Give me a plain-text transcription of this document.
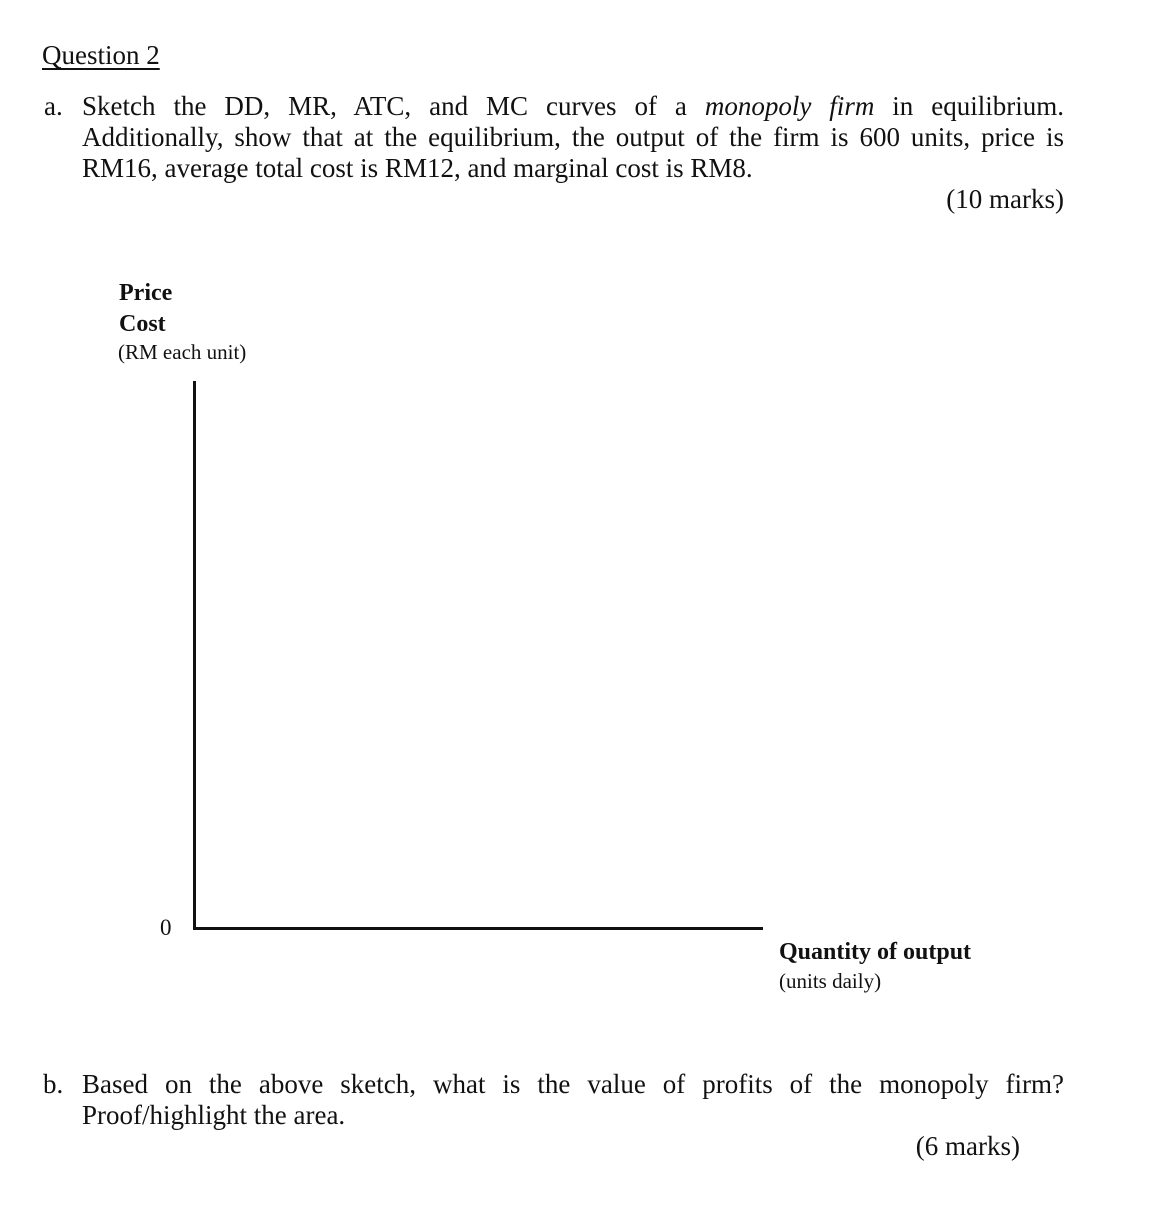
Question 2
a. Sketch the DD, MR, ATC, and MC curves of a monopoly firm in equilibrium. Additionally, show that at the equilibrium, the output of the firm is 600 units, price is RM16, average total cost is RM12, and marginal cost is RM8.
(10 marks)
Price
Cost
(RM each unit)
0
Quantity of output
(units daily)
b. Based on the above sketch, what is the value of profits of the monopoly firm? Proof/highlight the area.
(6 marks)
